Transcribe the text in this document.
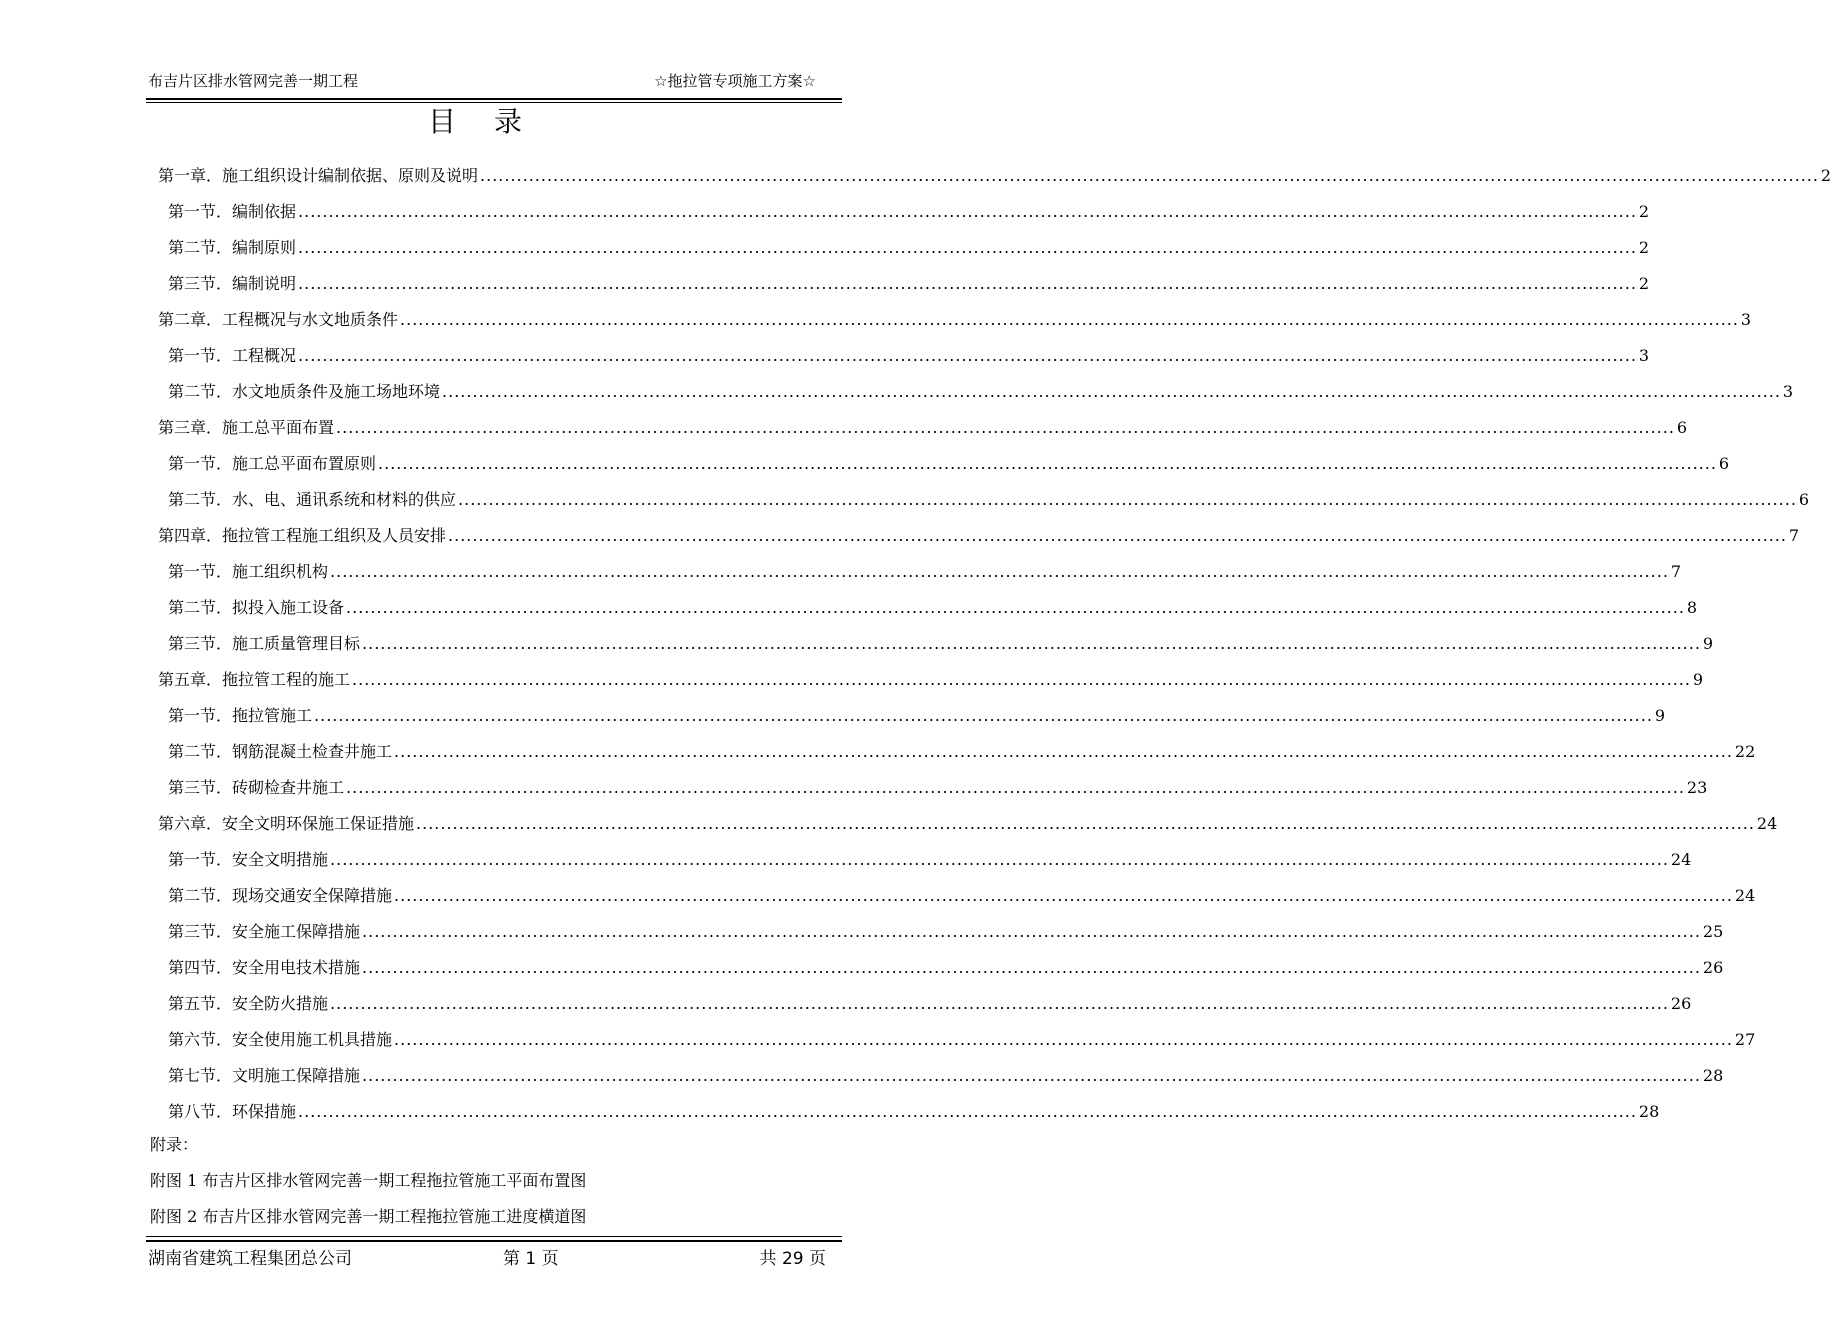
布吉片区排水管网完善一期工程	☆拖拉管专项施工方案☆
目录
第一章．施工组织设计编制依据、原则及说明 ............................................................................................................................................................................................................................ 2
第一节．编制依据 ............................................................................................................................................................................................................................ 2
第二节．编制原则 ............................................................................................................................................................................................................................ 2
第三节．编制说明 ............................................................................................................................................................................................................................ 2
第二章．工程概况与水文地质条件 ............................................................................................................................................................................................................................ 3
第一节．工程概况 ............................................................................................................................................................................................................................ 3
第二节．水文地质条件及施工场地环境 ............................................................................................................................................................................................................................ 3
第三章．施工总平面布置 ............................................................................................................................................................................................................................ 6
第一节．施工总平面布置原则 ............................................................................................................................................................................................................................ 6
第二节．水、电、通讯系统和材料的供应 ............................................................................................................................................................................................................................ 6
第四章．拖拉管工程施工组织及人员安排 ............................................................................................................................................................................................................................ 7
第一节．施工组织机构 ............................................................................................................................................................................................................................ 7
第二节．拟投入施工设备 ............................................................................................................................................................................................................................ 8
第三节．施工质量管理目标 ............................................................................................................................................................................................................................ 9
第五章．拖拉管工程的施工 ............................................................................................................................................................................................................................ 9
第一节．拖拉管施工 ............................................................................................................................................................................................................................ 9
第二节．钢筋混凝土检查井施工 ............................................................................................................................................................................................................................ 22
第三节．砖砌检查井施工 ............................................................................................................................................................................................................................ 23
第六章．安全文明环保施工保证措施 ............................................................................................................................................................................................................................ 24
第一节．安全文明措施 ............................................................................................................................................................................................................................ 24
第二节．现场交通安全保障措施 ............................................................................................................................................................................................................................ 24
第三节．安全施工保障措施 ............................................................................................................................................................................................................................ 25
第四节．安全用电技术措施 ............................................................................................................................................................................................................................ 26
第五节．安全防火措施 ............................................................................................................................................................................................................................ 26
第六节．安全使用施工机具措施 ............................................................................................................................................................................................................................ 27
第七节．文明施工保障措施 ............................................................................................................................................................................................................................ 28
第八节．环保措施 ............................................................................................................................................................................................................................ 28
附录：
附图 1 布吉片区排水管网完善一期工程拖拉管施工平面布置图
附图 2 布吉片区排水管网完善一期工程拖拉管施工进度横道图
湖南省建筑工程集团总公司	第 1 页	共 29 页
